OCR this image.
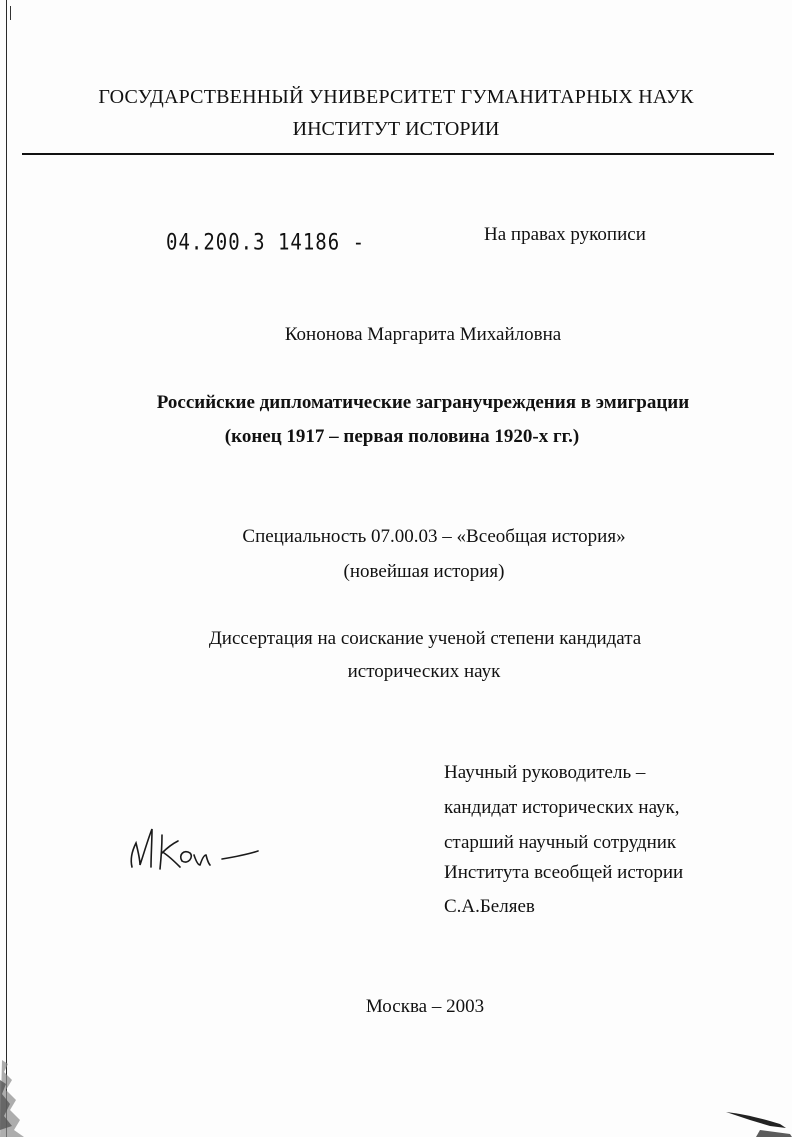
ГОСУДАРСТВЕННЫЙ УНИВЕРСИТЕТ ГУМАНИТАРНЫХ НАУК
ИНСТИТУТ ИСТОРИИ
04.200.3 14186 -	На правах рукописи
Кононова Маргарита Михайловна
Российские дипломатические загранучреждения в эмиграции
(конец 1917 – первая половина 1920-х гг.)
Специальность 07.00.03 – «Всеобщая история»
(новейшая история)
Диссертация на соискание ученой степени кандидата
исторических наук
Научный руководитель –
кандидат исторических наук,
старший научный сотрудник
Института всеобщей истории
С.А.Беляев
Москва – 2003
